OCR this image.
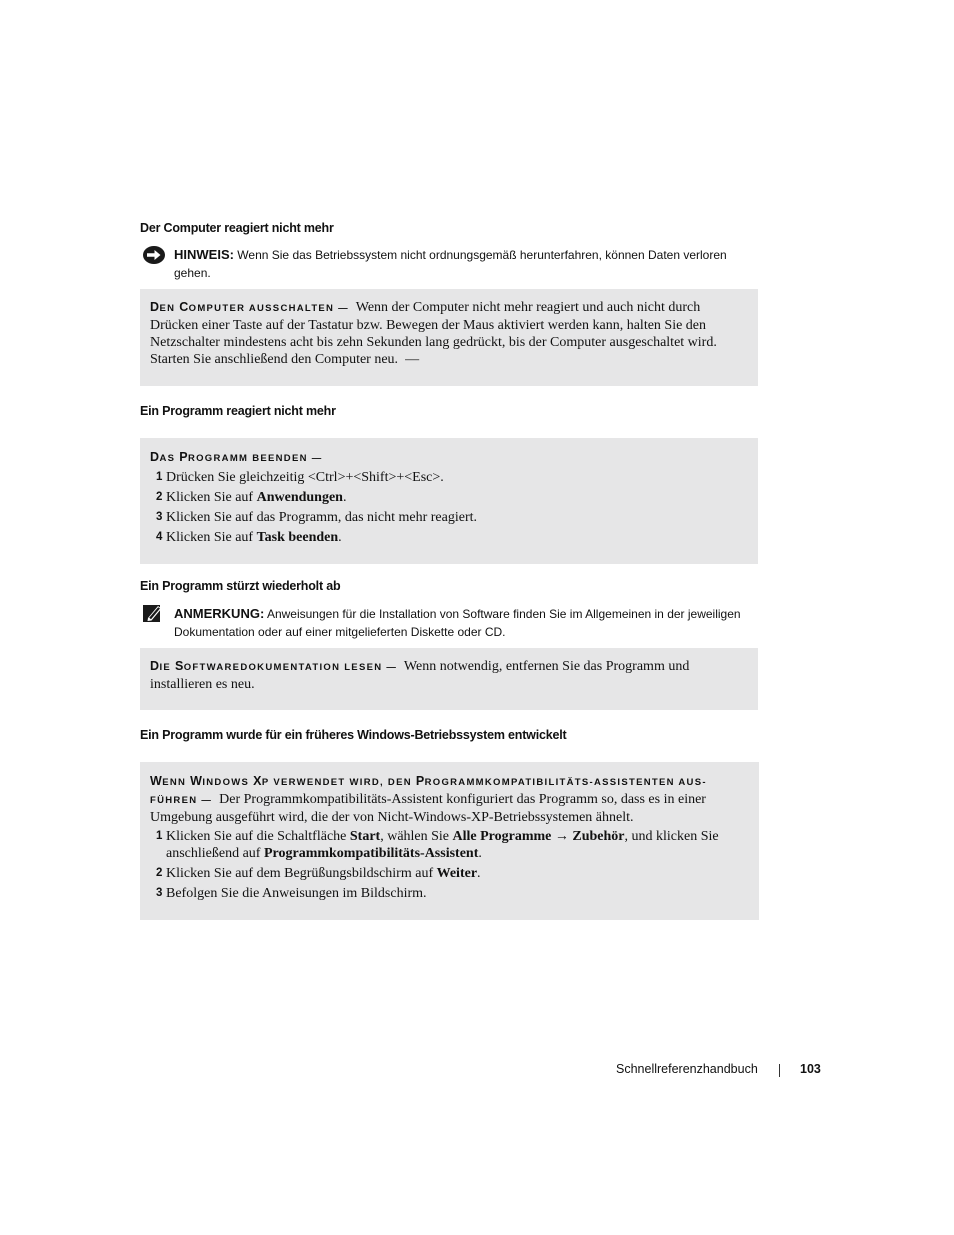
Der Computer reagiert nicht mehr
HINWEIS: Wenn Sie das Betriebssystem nicht ordnungsgemäß herunterfahren, können Daten verloren gehen.
DEN COMPUTER AUSSCHALTEN — Wenn der Computer nicht mehr reagiert und auch nicht durch Drücken einer Taste auf der Tastatur bzw. Bewegen der Maus aktiviert werden kann, halten Sie den Netzschalter mindestens acht bis zehn Sekunden lang gedrückt, bis der Computer ausgeschaltet wird. Starten Sie anschließend den Computer neu. —
Ein Programm reagiert nicht mehr
DAS PROGRAMM BEENDEN —
1 Drücken Sie gleichzeitig <Ctrl>+<Shift>+<Esc>.
2 Klicken Sie auf Anwendungen.
3 Klicken Sie auf das Programm, das nicht mehr reagiert.
4 Klicken Sie auf Task beenden.
Ein Programm stürzt wiederholt ab
ANMERKUNG: Anweisungen für die Installation von Software finden Sie im Allgemeinen in der jeweiligen Dokumentation oder auf einer mitgelieferten Diskette oder CD.
DIE SOFTWAREDOKUMENTATION LESEN — Wenn notwendig, entfernen Sie das Programm und installieren es neu.
Ein Programm wurde für ein früheres Windows-Betriebssystem entwickelt
WENN WINDOWS XP VERWENDET WIRD, DEN PROGRAMMKOMPATIBILITÄTS-ASSISTENTEN AUS-
FÜHREN — Der Programmkompatibilitäts-Assistent konfiguriert das Programm so, dass es in einer Umgebung ausgeführt wird, die der von Nicht-Windows-XP-Betriebssystemen ähnelt.
1 Klicken Sie auf die Schaltfläche Start, wählen Sie Alle Programme → Zubehör, und klicken Sie anschließend auf Programmkompatibilitäts-Assistent.
2 Klicken Sie auf dem Begrüßungsbildschirm auf Weiter.
3 Befolgen Sie die Anweisungen im Bildschirm.
Schnellreferenzhandbuch	103
